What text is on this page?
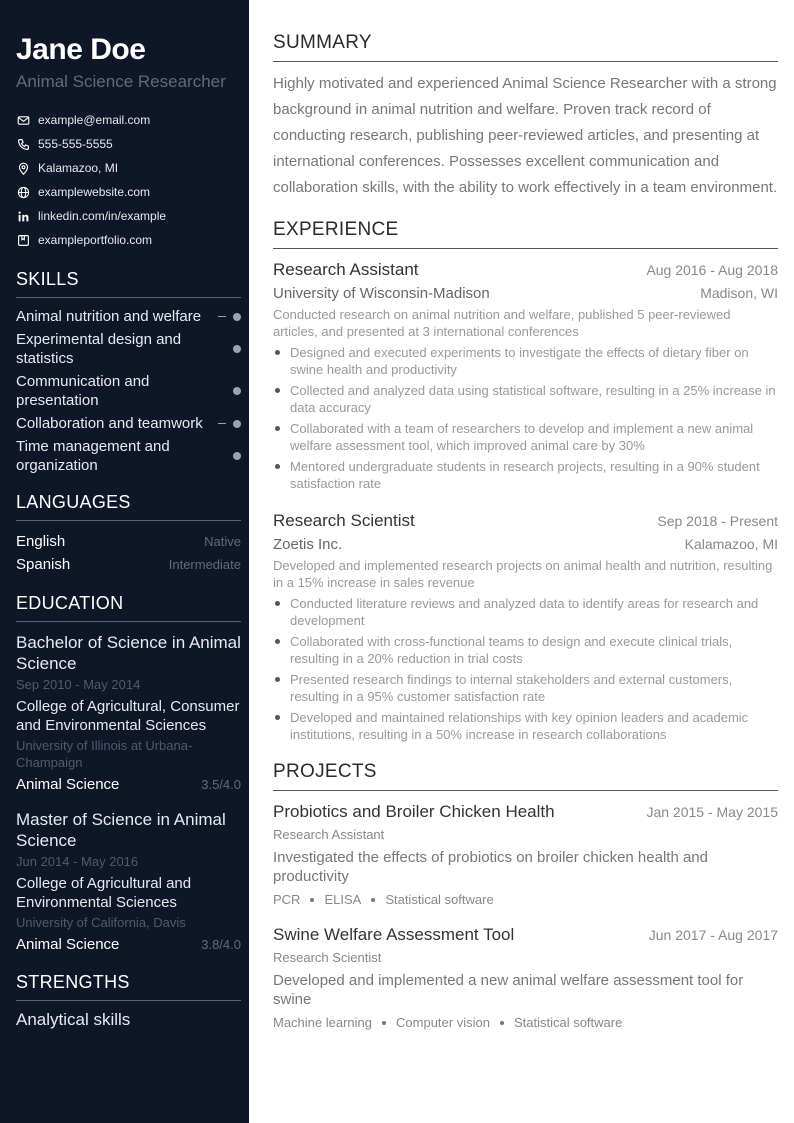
Jane Doe
Animal Science Researcher
example@email.com
555-555-5555
Kalamazoo, MI
examplewebsite.com
linkedin.com/in/example
exampleportfolio.com
SKILLS
Animal nutrition and welfare
Experimental design and statistics
Communication and presentation
Collaboration and teamwork
Time management and organization
LANGUAGES
English	Native
Spanish	Intermediate
EDUCATION
Bachelor of Science in Animal Science
Sep 2010 - May 2014
College of Agricultural, Consumer and Environmental Sciences
University of Illinois at Urbana-Champaign
Animal Science	3.5/4.0
Master of Science in Animal Science
Jun 2014 - May 2016
College of Agricultural and Environmental Sciences
University of California, Davis
Animal Science	3.8/4.0
STRENGTHS
Analytical skills
SUMMARY

Highly motivated and experienced Animal Science Researcher with a strong background in animal nutrition and welfare. Proven track record of conducting research, publishing peer-reviewed articles, and presenting at international conferences. Possesses excellent communication and collaboration skills, with the ability to work effectively in a team environment.

EXPERIENCE
Research Assistant	Aug 2016 - Aug 2018
University of Wisconsin-Madison	Madison, WI
Conducted research on animal nutrition and welfare, published 5 peer-reviewed articles, and presented at 3 international conferences
Designed and executed experiments to investigate the effects of dietary fiber on swine health and productivity
Collected and analyzed data using statistical software, resulting in a 25% increase in data accuracy
Collaborated with a team of researchers to develop and implement a new animal welfare assessment tool, which improved animal care by 30%
Mentored undergraduate students in research projects, resulting in a 90% student satisfaction rate
Research Scientist	Sep 2018 - Present
Zoetis Inc.	Kalamazoo, MI
Developed and implemented research projects on animal health and nutrition, resulting in a 15% increase in sales revenue
Conducted literature reviews and analyzed data to identify areas for research and development
Collaborated with cross-functional teams to design and execute clinical trials, resulting in a 20% reduction in trial costs
Presented research findings to internal stakeholders and external customers, resulting in a 95% customer satisfaction rate
Developed and maintained relationships with key opinion leaders and academic institutions, resulting in a 50% increase in research collaborations
PROJECTS
Probiotics and Broiler Chicken Health	Jan 2015 - May 2015
Research Assistant
Investigated the effects of probiotics on broiler chicken health and productivity
PCR ELISA Statistical software
Swine Welfare Assessment Tool	Jun 2017 - Aug 2017
Research Scientist
Developed and implemented a new animal welfare assessment tool for swine
Machine learning Computer vision Statistical software
